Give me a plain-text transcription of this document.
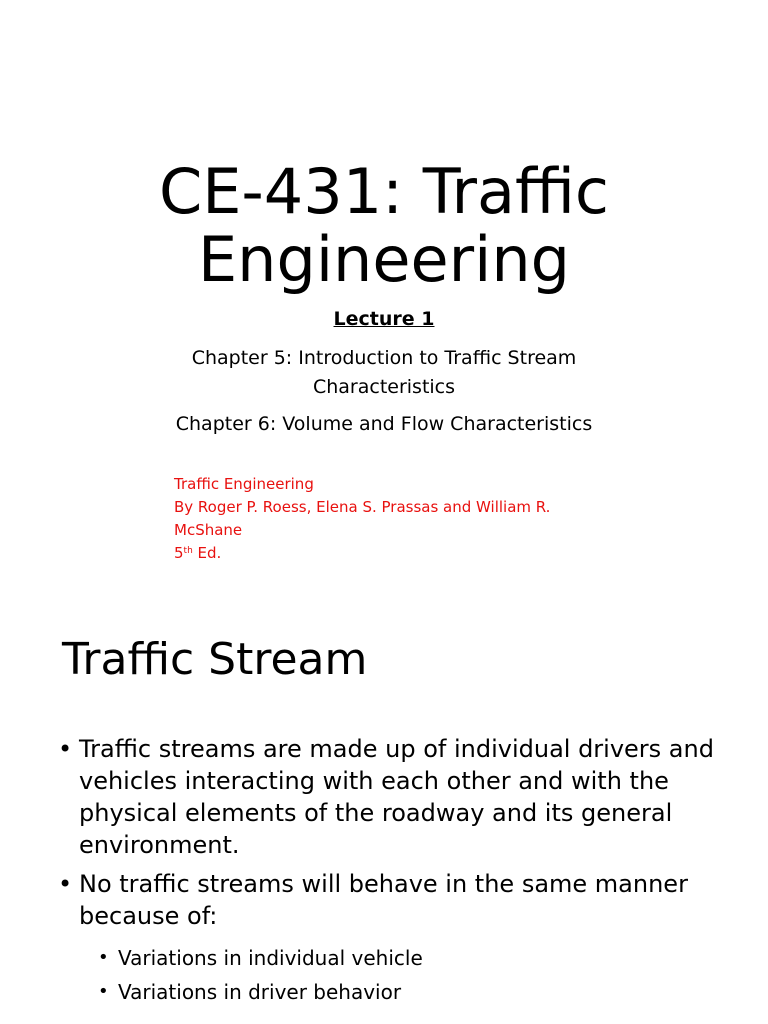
CE-431: Traffic
Engineering
Lecture 1
Chapter 5: Introduction to Traffic Stream Characteristics
Chapter 6: Volume and Flow Characteristics
Traffic Engineering
By Roger P. Roess, Elena S. Prassas and William R. McShane
5th Ed.
Traffic Stream
• Traffic streams are made up of individual drivers and vehicles interacting with each other and with the physical elements of the roadway and its general environment.
• No traffic streams will behave in the same manner because of:
• Variations in individual vehicle
• Variations in driver behavior
